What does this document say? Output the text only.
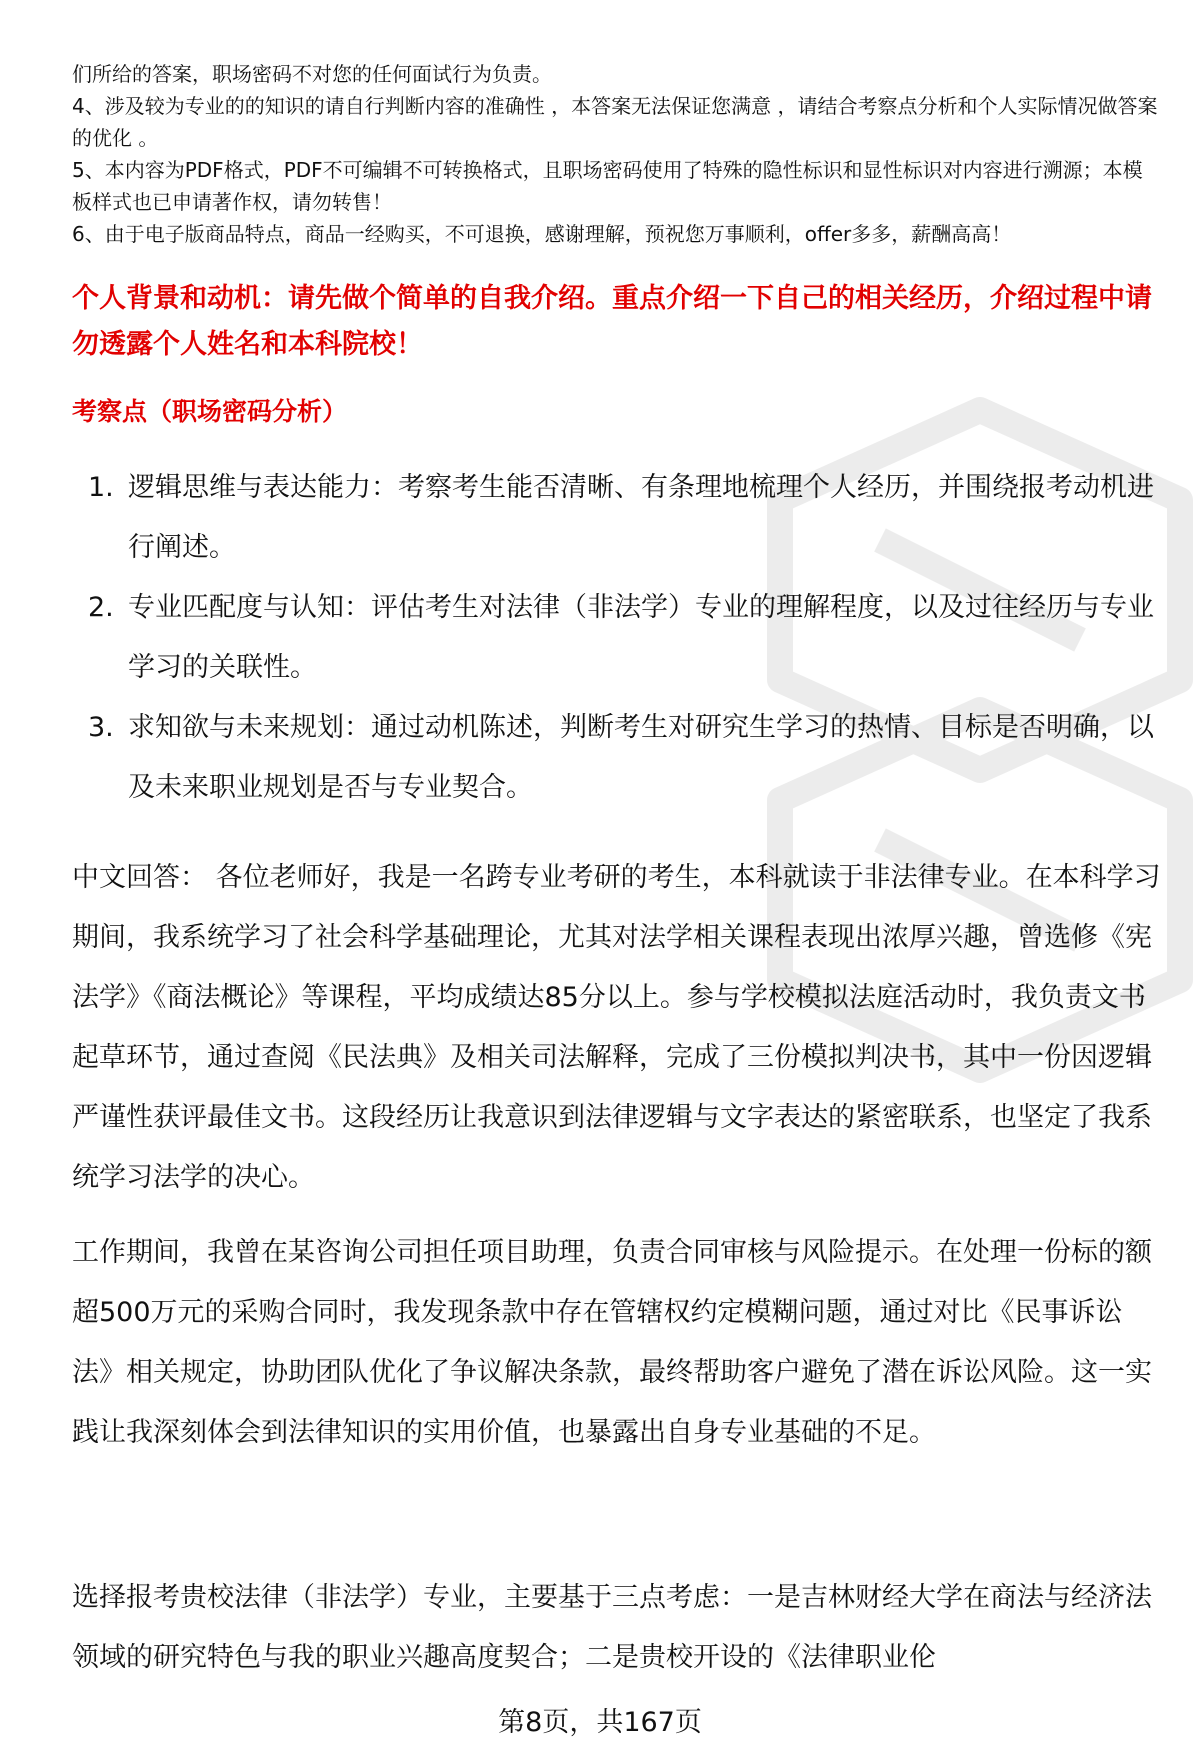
们所给的答案，职场密码不对您的任何面试行为负责。

4、涉及较为专业的的知识的请自行判断内容的准确性 ，本答案无法保证您满意 ，请结合考察点分析和个人实际情况做答案的优化 。

5、本内容为PDF格式，PDF不可编辑不可转换格式，且职场密码使用了特殊的隐性标识和显性标识对内容进行溯源；本模板样式也已申请著作权，请勿转售！

6、由于电子版商品特点，商品一经购买，不可退换，感谢理解，预祝您万事顺利，offer多多，薪酬高高！

个人背景和动机：请先做个简单的自我介绍。重点介绍一下自己的相关经历，介绍过程中请勿透露个人姓名和本科院校！
考察点（职场密码分析）
1. 逻辑思维与表达能力：考察考生能否清晰、有条理地梳理个人经历，并围绕报考动机进行阐述。
2. 专业匹配度与认知：评估考生对法律（非法学）专业的理解程度，以及过往经历与专业学习的关联性。
3. 求知欲与未来规划：通过动机陈述，判断考生对研究生学习的热情、目标是否明确，以及未来职业规划是否与专业契合。

中文回答： 各位老师好，我是一名跨专业考研的考生，本科就读于非法律专业。在本科学习期间，我系统学习了社会科学基础理论，尤其对法学相关课程表现出浓厚兴趣，曾选修《宪法学》《商法概论》等课程，平均成绩达85分以上。参与学校模拟法庭活动时，我负责文书起草环节，通过查阅《民法典》及相关司法解释，完成了三份模拟判决书，其中一份因逻辑严谨性获评最佳文书。这段经历让我意识到法律逻辑与文字表达的紧密联系，也坚定了我系统学习法学的决心。

工作期间，我曾在某咨询公司担任项目助理，负责合同审核与风险提示。在处理一份标的额超500万元的采购合同时，我发现条款中存在管辖权约定模糊问题，通过对比《民事诉讼法》相关规定，协助团队优化了争议解决条款，最终帮助客户避免了潜在诉讼风险。这一实践让我深刻体会到法律知识的实用价值，也暴露出自身专业基础的不足。

选择报考贵校法律（非法学）专业，主要基于三点考虑：一是吉林财经大学在商法与经济法领域的研究特色与我的职业兴趣高度契合；二是贵校开设的《法律职业伦

第8页，共167页
